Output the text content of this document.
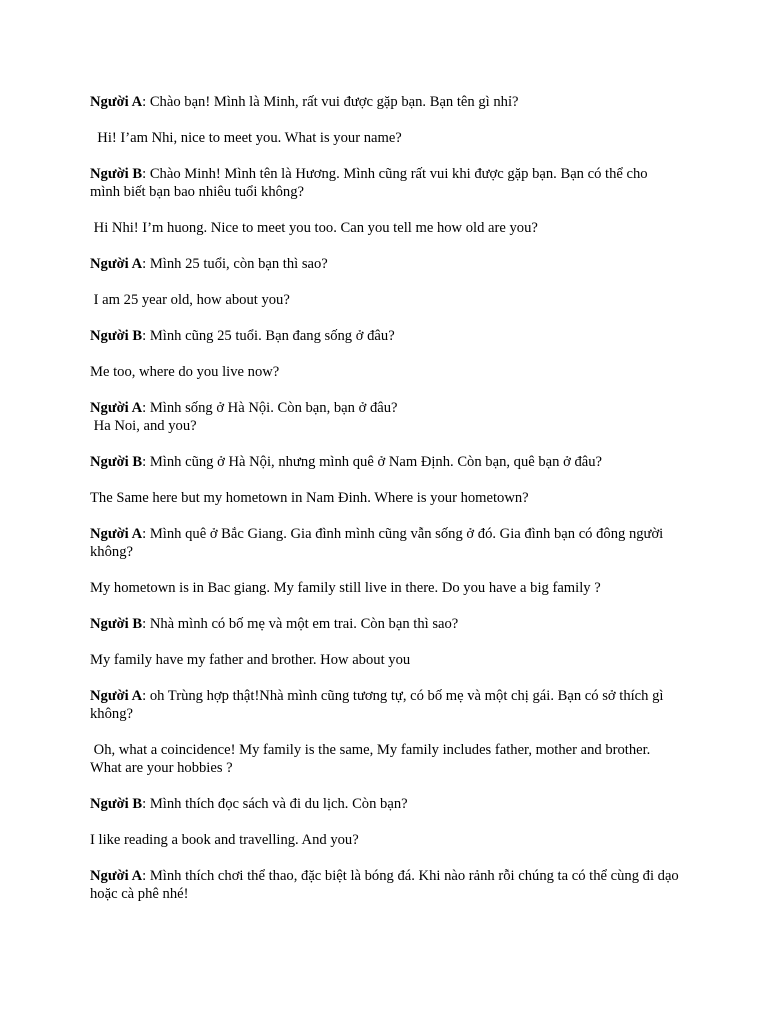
Người A: Chào bạn! Mình là Minh, rất vui được gặp bạn. Bạn tên gì nhỉ?

Hi! I’am Nhi, nice to meet you. What is your name?

Người B: Chào Minh! Mình tên là Hương. Mình cũng rất vui khi được gặp bạn. Bạn có thể cho mình biết bạn bao nhiêu tuổi không?

Hi Nhi! I’m huong. Nice to meet you too. Can you tell me how old are you?

Người A: Mình 25 tuổi, còn bạn thì sao?

I am 25 year old, how about you?

Người B: Mình cũng 25 tuổi. Bạn đang sống ở đâu?

Me too, where do you live now?

Người A: Mình sống ở Hà Nội. Còn bạn, bạn ở đâu?

Ha Noi, and you?

Người B: Mình cũng ở Hà Nội, nhưng mình quê ở Nam Định. Còn bạn, quê bạn ở đâu?

The Same here but my hometown in Nam Đinh. Where is your hometown?

Người A: Mình quê ở Bắc Giang. Gia đình mình cũng vẫn sống ở đó. Gia đình bạn có đông người không?

My hometown is in Bac giang. My family still live in there. Do you have a big family ?

Người B: Nhà mình có bố mẹ và một em trai. Còn bạn thì sao?

My family have my father and brother. How about you

Người A: oh Trùng hợp thật!Nhà mình cũng tương tự, có bố mẹ và một chị gái. Bạn có sở thích gì không?

Oh, what a coincidence! My family is the same, My family includes father, mother and brother. What are your hobbies ?

Người B: Mình thích đọc sách và đi du lịch. Còn bạn?

I like reading a book and travelling. And you?

Người A: Mình thích chơi thể thao, đặc biệt là bóng đá. Khi nào rảnh rỗi chúng ta có thể cùng đi dạo hoặc cà phê nhé!
